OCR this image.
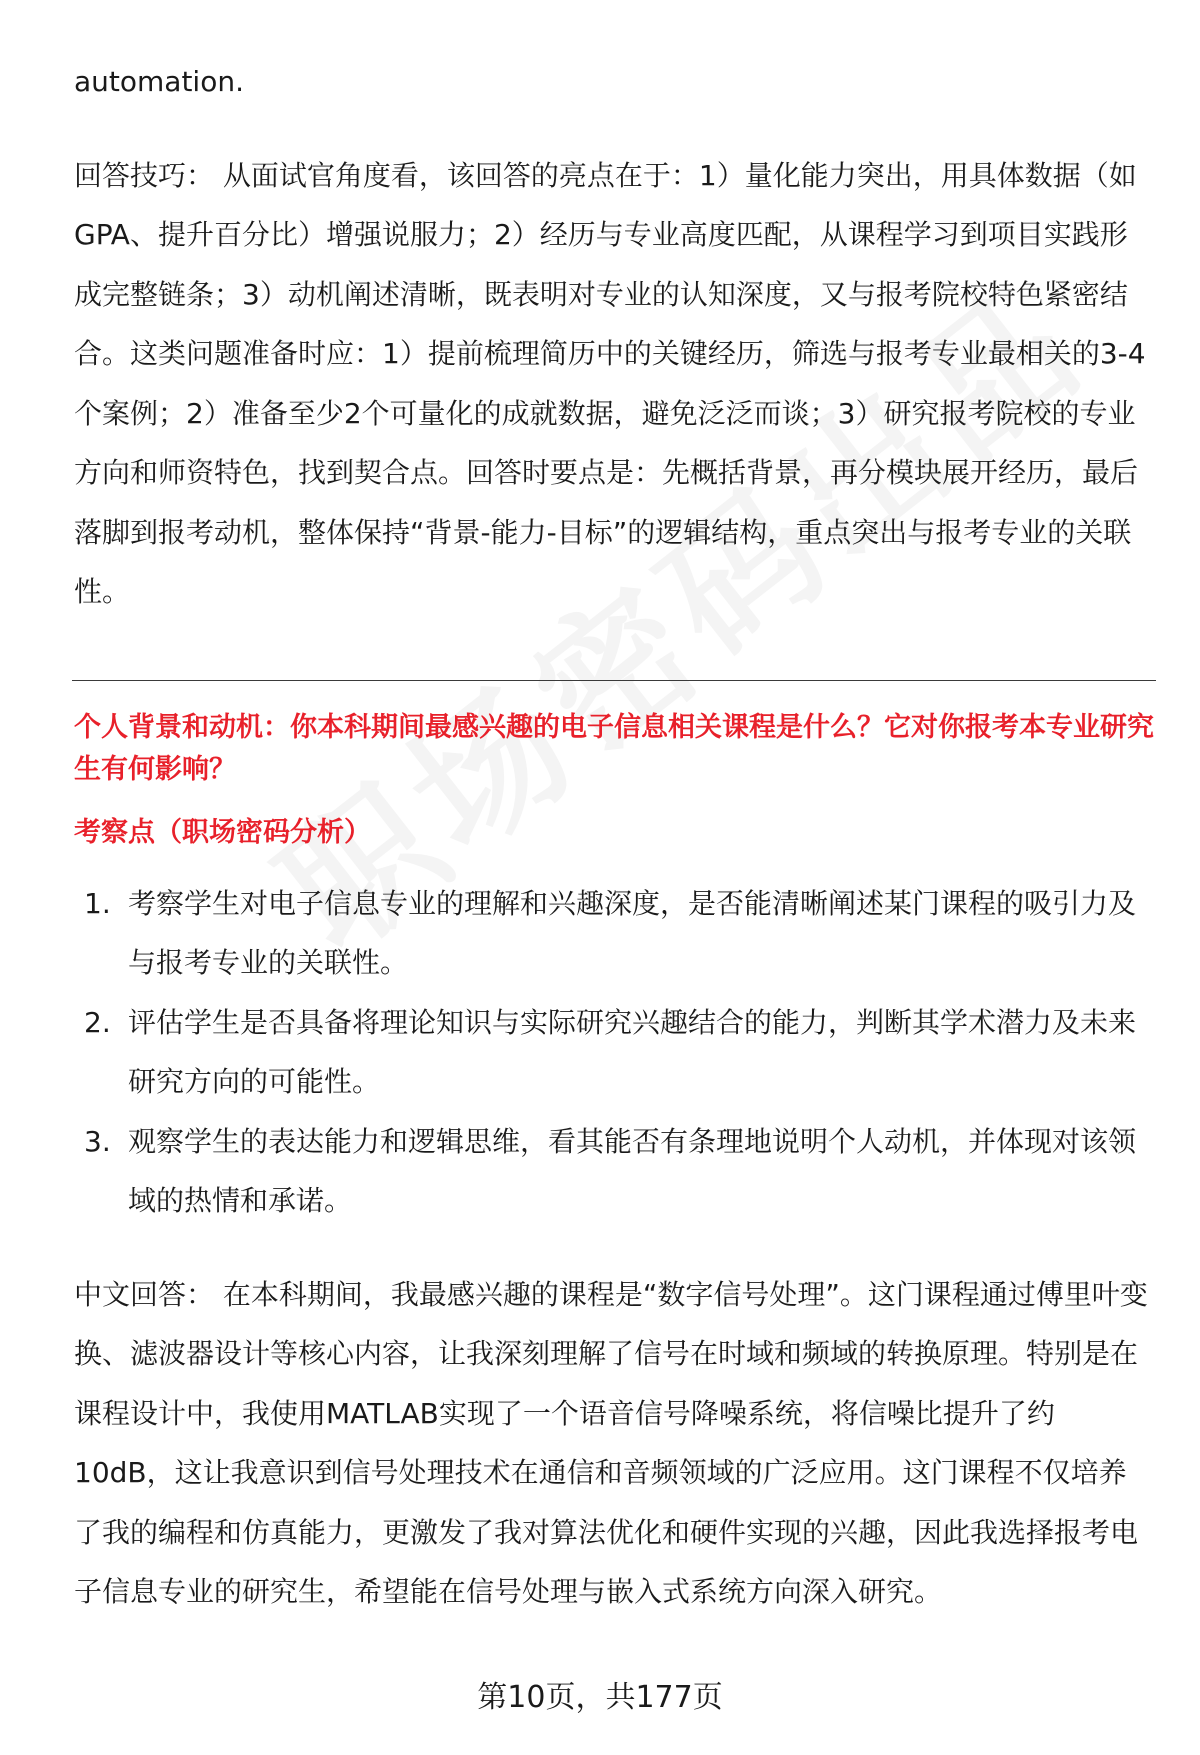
automation.

回答技巧： 从面试官角度看，该回答的亮点在于：1）量化能力突出，用具体数据（如GPA、提升百分比）增强说服力；2）经历与专业高度匹配，从课程学习到项目实践形成完整链条；3）动机阐述清晰，既表明对专业的认知深度，又与报考院校特色紧密结合。这类问题准备时应：1）提前梳理简历中的关键经历，筛选与报考专业最相关的3-4个案例；2）准备至少2个可量化的成就数据，避免泛泛而谈；3）研究报考院校的专业方向和师资特色，找到契合点。回答时要点是：先概括背景，再分模块展开经历，最后落脚到报考动机，整体保持“背景-能力-目标”的逻辑结构，重点突出与报考专业的关联性。

个人背景和动机：你本科期间最感兴趣的电子信息相关课程是什么？它对你报考本专业研究生有何影响？

考察点（职场密码分析）

1. 考察学生对电子信息专业的理解和兴趣深度，是否能清晰阐述某门课程的吸引力及与报考专业的关联性。
2. 评估学生是否具备将理论知识与实际研究兴趣结合的能力，判断其学术潜力及未来研究方向的可能性。
3. 观察学生的表达能力和逻辑思维，看其能否有条理地说明个人动机，并体现对该领域的热情和承诺。

中文回答： 在本科期间，我最感兴趣的课程是“数字信号处理”。这门课程通过傅里叶变换、滤波器设计等核心内容，让我深刻理解了信号在时域和频域的转换原理。特别是在课程设计中，我使用MATLAB实现了一个语音信号降噪系统，将信噪比提升了约10dB，这让我意识到信号处理技术在通信和音频领域的广泛应用。这门课程不仅培养了我的编程和仿真能力，更激发了我对算法优化和硬件实现的兴趣，因此我选择报考电子信息专业的研究生，希望能在信号处理与嵌入式系统方向深入研究。

第10页，共177页
